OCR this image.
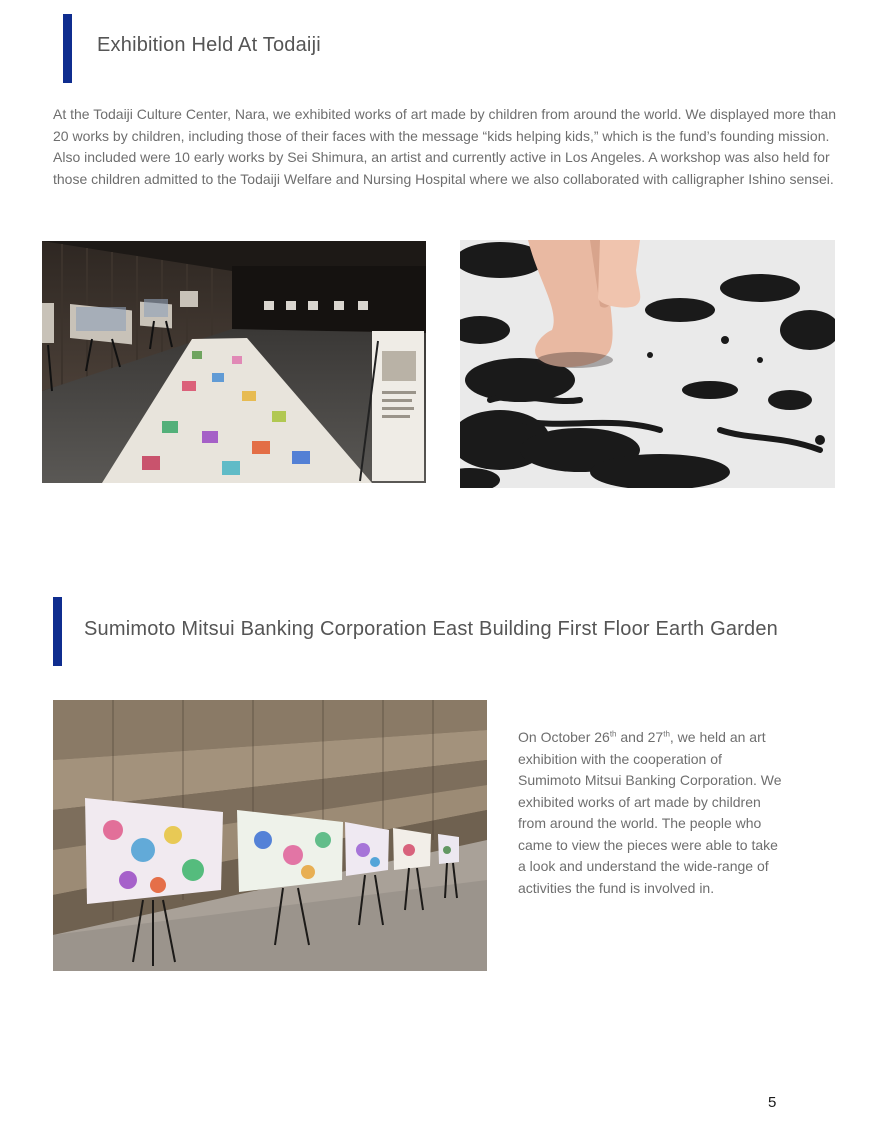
Exhibition Held At Todaiji

At the Todaiji Culture Center, Nara, we exhibited works of art made by children from around the world. We displayed more than 20 works by children, including those of their faces with the message “kids helping kids,” which is the fund’s founding mission. Also included were 10 early works by Sei Shimura, an artist and currently active in Los Angeles. A workshop was also held for those children admitted to the Todaiji Welfare and Nursing Hospital where we also collaborated with calligrapher Ishino sensei.

Sumimoto Mitsui Banking Corporation East Building First Floor Earth Garden

On October 26th and 27th, we held an art exhibition with the cooperation of Sumimoto Mitsui Banking Corporation. We exhibited works of art made by children from around the world. The people who came to view the pieces were able to take a look and understand the wide-range of activities the fund is involved in.

5
